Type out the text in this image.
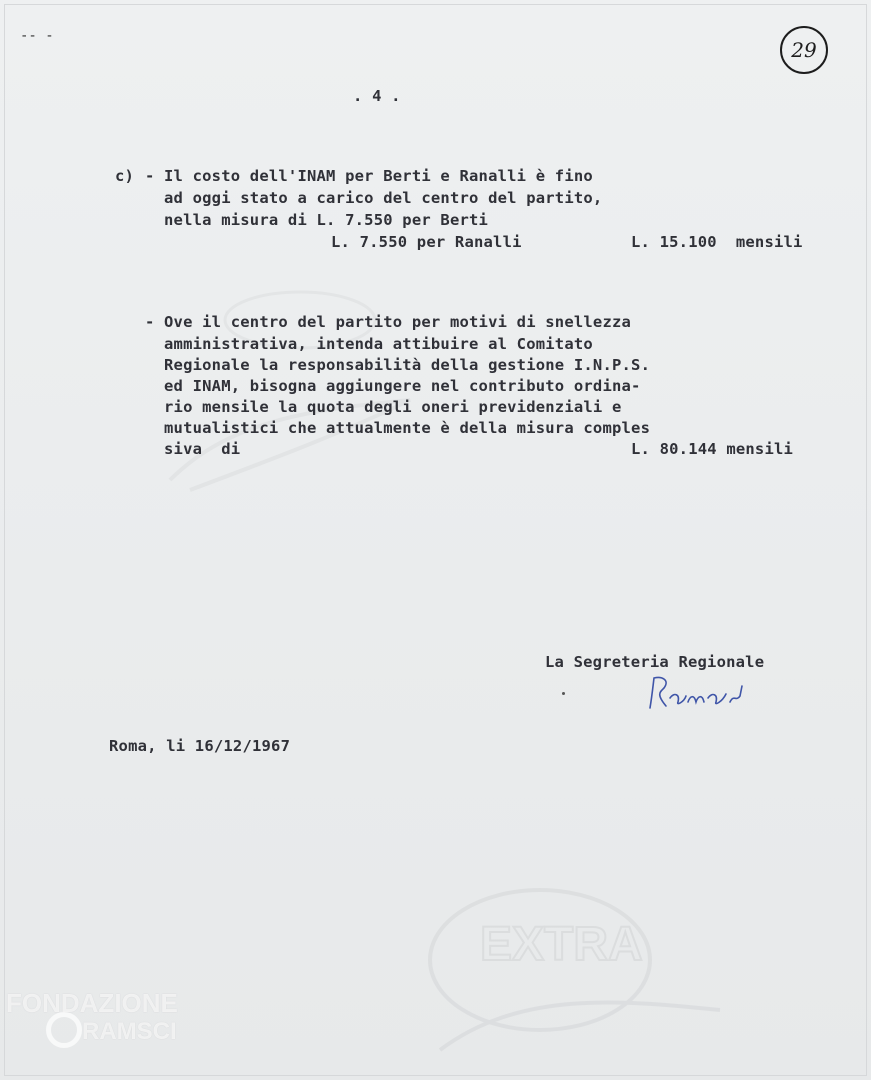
EXTRA
-- -
29
. 4 .
c) - Il costo dell'INAM per Berti e Ranalli è fino
ad oggi stato a carico del centro del partito,
nella misura di L. 7.550 per Berti
L. 7.550 per Ranalli	L. 15.100  mensili
- Ove il centro del partito per motivi di snellezza
amministrativa, intenda attibuire al Comitato
Regionale la responsabilità della gestione I.N.P.S.
ed INAM, bisogna aggiungere nel contributo ordina-
rio mensile la quota degli oneri previdenziali e
mutualistici che attualmente è della misura comples
siva  di	L. 80.144 mensili
La Segreteria Regionale
Roma, li 16/12/1967
FONDAZIONE
RAMSCI
